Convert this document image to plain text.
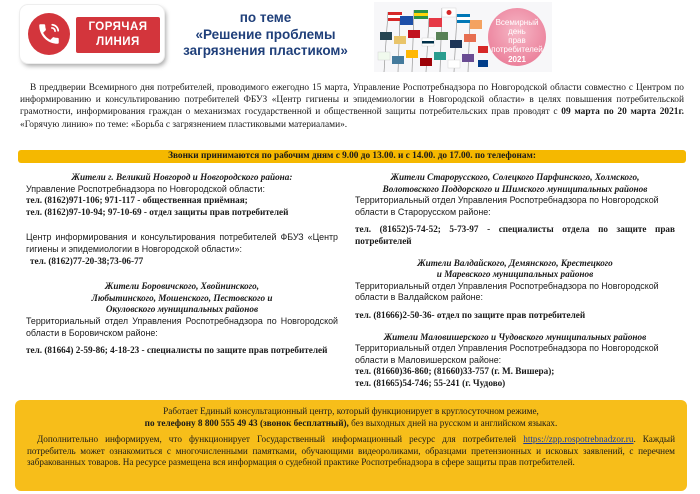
ГОРЯЧАЯ
ЛИНИЯ
по теме
«Решение проблемы
загрязнения пластиком»
Всемирный
день
прав
потребителей
2021

В преддверии Всемирного дня потребителей, проводимого ежегодно 15 марта, Управление Роспотребнадзора по Новгородской области совместно с Центром по информированию и консультированию потребителей ФБУЗ «Центр гигиены и эпидемиологии в Новгородской области» в целях повышения потребительской грамотности, информирования граждан о механизмах государственной и общественной защиты потребительских прав проводят с 09 марта по 20 марта 2021г. «Горячую линию» по теме: «Борьба с загрязнением пластиковыми материалами».

Звонки принимаются по рабочим дням с 9.00 до 13.00. и с 14.00. до 17.00. по телефонам:
Жители г. Великий Новгород и Новгородского района:
Управление Роспотребнадзора по Новгородской области:
тел. (8162)971-106; 971-117 - общественная приёмная;
тел. (8162)97-10-94; 97-10-69 - отдел защиты прав потребителей
Центр информирования и консультирования потребителей ФБУЗ «Центр гигиены и эпидемиологии в Новгородской области»:
тел. (8162)77-20-38;73-06-77
Жители Боровичского, Хвойнинского,
Любытинского, Мошенского, Пестовского и
Окуловского муниципальных районов
Территориальный отдел Управления Роспотребнадзора по Новгородской области в Боровичском районе:
тел. (81664) 2-59-86; 4-18-23 - специалисты по защите прав потребителей
Жители Старорусского, Солецкого Парфинского, Холмского,
Волотовского Поддорского и Шимского муниципальных районов
Территориальный отдел Управления Роспотребнадзора по Новгородской области в Старорусском районе:
тел. (81652)5-74-52; 5-73-97 - специалисты отдела по защите прав потребителей
Жители Валдайского, Демянского, Крестецкого
и Маревского муниципальных районов
Территориальный отдел Управления Роспотребнадзора по Новгородской области в Валдайском районе:
тел. (81666)2-50-36- отдел по защите прав потребителей
Жители Маловишерского и Чудовского муниципальных районов
Территориальный отдел Управления Роспотребнадзора по Новгородской области в Маловишерском районе:
тел. (81660)36-860; (81660)33-757 (г. М. Вишера);
тел. (81665)54-746; 55-241 (г. Чудово)
Работает Единый консультационный центр, который функционирует в круглосуточном режиме,
по телефону 8 800 555 49 43 (звонок бесплатный), без выходных дней на русском и английском языках.
Дополнительно информируем, что функционирует Государственный информационный ресурс для потребителей https://zpp.rospotrebnadzor.ru. Каждый потребитель может ознакомиться с многочисленными памятками, обучающими видеороликами, образцами претензионных и исковых заявлений, с перечнем забракованных товаров. На ресурсе размещена вся информация о судебной практике Роспотребнадзора в сфере защиты прав потребителей.
